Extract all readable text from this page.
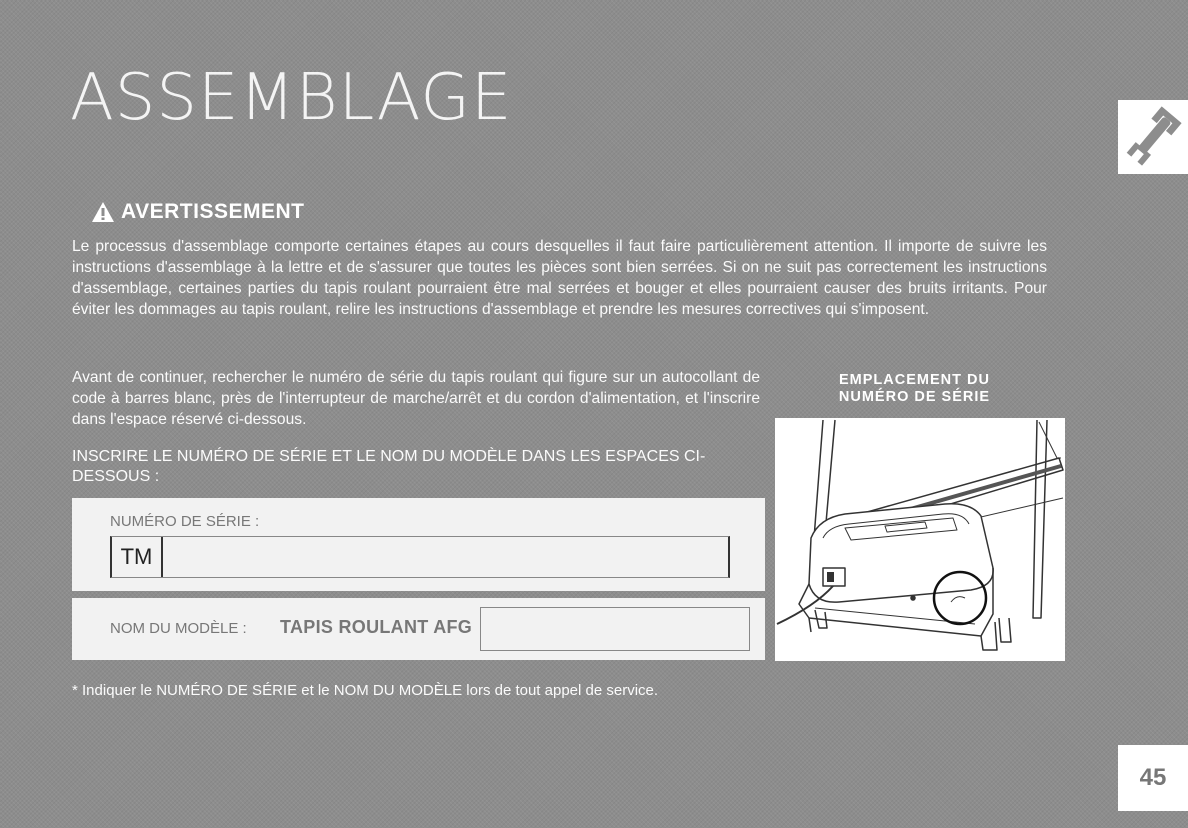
ASSEMBLAGE
AVERTISSEMENT

Le processus d'assemblage comporte certaines étapes au cours desquelles il faut faire particulièrement attention. Il importe de suivre les instructions d'assemblage à la lettre et de s'assurer que toutes les pièces sont bien serrées. Si on ne suit pas correctement les instructions d'assemblage, certaines parties du tapis roulant pourraient être mal serrées et bouger et elles pourraient causer des bruits irritants. Pour éviter les dommages au tapis roulant, relire les instructions d'assemblage et prendre les mesures correctives qui s'imposent.

Avant de continuer, rechercher le numéro de série du tapis roulant qui figure sur un autocollant de code à barres blanc, près de l'interrupteur de marche/arrêt et du cordon d'alimentation, et l'inscrire dans l'espace réservé ci-dessous.

INSCRIRE LE NUMÉRO DE SÉRIE ET LE NOM DU MODÈLE DANS LES ESPACES CI-DESSOUS :

NUMÉRO DE SÉRIE :
TM
NOM DU MODÈLE : TAPIS ROULANT AFG

* Indiquer le NUMÉRO DE SÉRIE et le NOM DU MODÈLE lors de tout appel de service.

EMPLACEMENT DU
NUMÉRO DE SÉRIE
45
